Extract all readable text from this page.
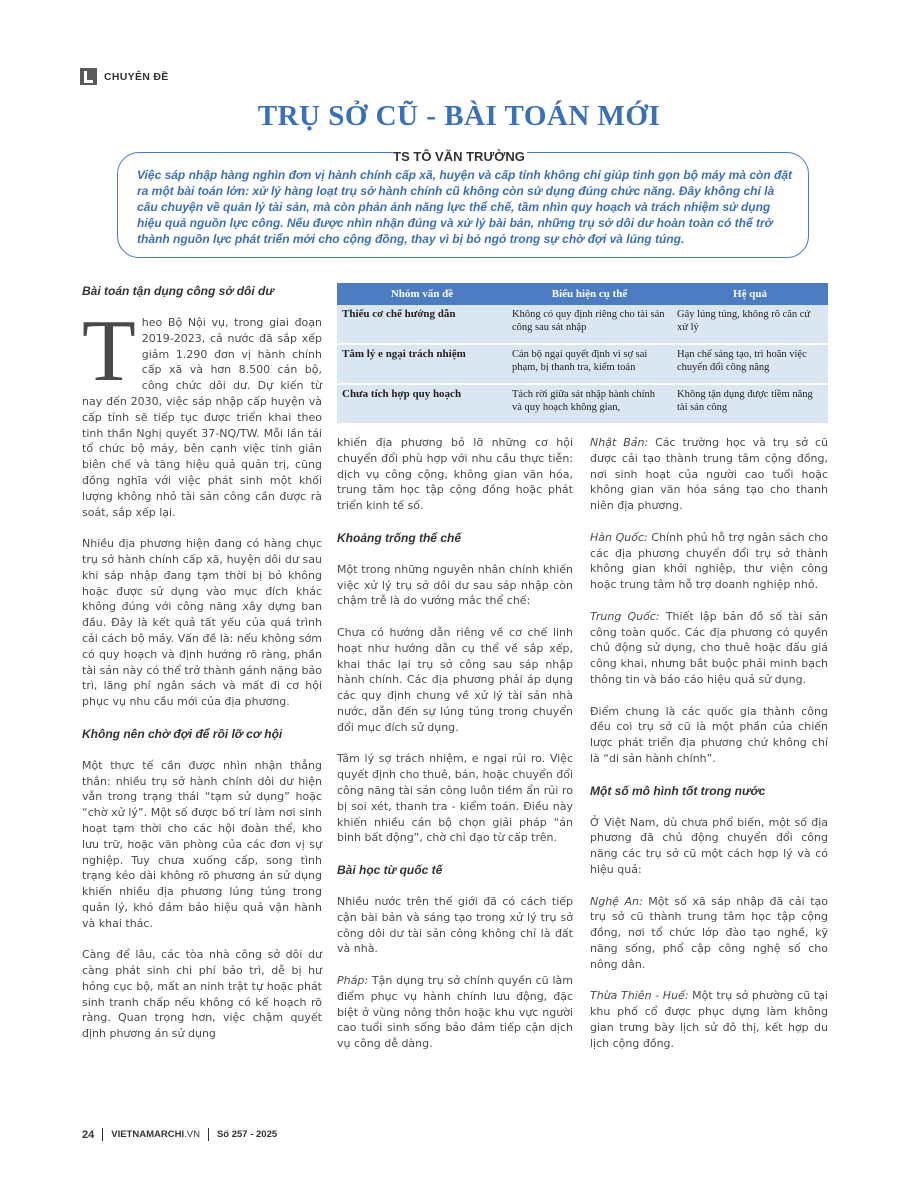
CHUYÊN ĐỀ
TRỤ SỞ CŨ - BÀI TOÁN MỚI
TS TÔ VĂN TRƯỜNG

Việc sáp nhập hàng nghìn đơn vị hành chính cấp xã, huyện và cấp tỉnh không chỉ giúp tinh gọn bộ máy mà còn đặt ra một bài toán lớn: xử lý hàng loạt trụ sở hành chính cũ không còn sử dụng đúng chức năng. Đây không chỉ là câu chuyện về quản lý tài sản, mà còn phản ánh năng lực thể chế, tầm nhìn quy hoạch và trách nhiệm sử dụng hiệu quả nguồn lực công. Nếu được nhìn nhận đúng và xử lý bài bản, những trụ sở dôi dư hoàn toàn có thể trở thành nguồn lực phát triển mới cho cộng đồng, thay vì bị bỏ ngỏ trong sự chờ đợi và lúng túng.

Bài toán tận dụng công sở dôi dư

Theo Bộ Nội vụ, trong giai đoạn 2019-2023, cả nước đã sắp xếp giảm 1.290 đơn vị hành chính cấp xã và hơn 8.500 cán bộ, công chức dôi dư. Dự kiến từ nay đến 2030, việc sáp nhập cấp huyện và cấp tỉnh sẽ tiếp tục được triển khai theo tinh thần Nghị quyết 37-NQ/TW. Mỗi lần tái tổ chức bộ máy, bên cạnh việc tinh giản biên chế và tăng hiệu quả quản trị, cũng đồng nghĩa với việc phát sinh một khối lượng không nhỏ tài sản công cần được rà soát, sắp xếp lại.

Nhiều địa phương hiện đang có hàng chục trụ sở hành chính cấp xã, huyện dôi dư sau khi sáp nhập đang tạm thời bị bỏ không hoặc được sử dụng vào mục đích khác không đúng với công năng xây dựng ban đầu. Đây là kết quả tất yếu của quá trình cải cách bộ máy. Vấn đề là: nếu không sớm có quy hoạch và định hướng rõ ràng, phần tài sản này có thể trở thành gánh nặng bảo trì, lãng phí ngân sách và mất đi cơ hội phục vụ nhu cầu mới của địa phương.

Không nên chờ đợi để rồi lỡ cơ hội

Một thực tế cần được nhìn nhận thẳng thắn: nhiều trụ sở hành chính dôi dư hiện vẫn trong trạng thái “tạm sử dụng” hoặc “chờ xử lý”. Một số được bố trí làm nơi sinh hoạt tạm thời cho các hội đoàn thể, kho lưu trữ, hoặc văn phòng của các đơn vị sự nghiệp. Tuy chưa xuống cấp, song tình trạng kéo dài không rõ phương án sử dụng khiến nhiều địa phương lúng túng trong quản lý, khó đảm bảo hiệu quả vận hành và khai thác.

Càng để lâu, các tòa nhà công sở dôi dư càng phát sinh chi phí bảo trì, dễ bị hư hỏng cục bộ, mất an ninh trật tự hoặc phát sinh tranh chấp nếu không có kế hoạch rõ ràng. Quan trọng hơn, việc chậm quyết định phương án sử dụng

Nhóm vấn đề	Biểu hiện cụ thể	Hệ quả
Thiếu cơ chế hướng dẫn	Không có quy định riêng cho tài sản công sau sát nhập	Gây lúng túng, không rõ căn cứ xử lý
Tâm lý e ngại trách nhiệm	Cán bộ ngại quyết định vì sợ sai phạm, bị thanh tra, kiểm toán	Hạn chế sáng tạo, trì hoãn việc chuyển đổi công năng
Chưa tích hợp quy hoạch	Tách rời giữa sát nhập hành chính và quy hoạch không gian,	Không tận dụng được tiềm năng tài sản công

khiến địa phương bỏ lỡ những cơ hội chuyển đổi phù hợp với nhu cầu thực tiễn: dịch vụ công cộng, không gian văn hóa, trung tâm học tập cộng đồng hoặc phát triển kinh tế số.

Khoảng trống thể chế

Một trong những nguyên nhân chính khiến việc xử lý trụ sở dôi dư sau sáp nhập còn chậm trễ là do vướng mắc thể chế:

Chưa có hướng dẫn riêng về cơ chế linh hoạt như hướng dẫn cụ thể về sắp xếp, khai thác lại trụ sở công sau sáp nhập hành chính. Các địa phương phải áp dụng các quy định chung về xử lý tài sản nhà nước, dẫn đến sự lúng túng trong chuyển đổi mục đích sử dụng.

Tâm lý sợ trách nhiệm, e ngại rủi ro. Việc quyết định cho thuê, bán, hoặc chuyển đổi công năng tài sản công luôn tiềm ẩn rủi ro bị soi xét, thanh tra - kiểm toán. Điều này khiến nhiều cán bộ chọn giải pháp “án binh bất động”, chờ chỉ đạo từ cấp trên.

Bài học từ quốc tế

Nhiều nước trên thế giới đã có cách tiếp cận bài bản và sáng tạo trong xử lý trụ sở công dôi dư tài sản công không chỉ là đất và nhà.

Pháp: Tận dụng trụ sở chính quyền cũ làm điểm phục vụ hành chính lưu động, đặc biệt ở vùng nông thôn hoặc khu vực người cao tuổi sinh sống bảo đảm tiếp cận dịch vụ công dễ dàng.

Nhật Bản: Các trường học và trụ sở cũ được cải tạo thành trung tâm cộng đồng, nơi sinh hoạt của người cao tuổi hoặc không gian văn hóa sáng tạo cho thanh niên địa phương.

Hàn Quốc: Chính phủ hỗ trợ ngân sách cho các địa phương chuyển đổi trụ sở thành không gian khởi nghiệp, thư viện công hoặc trung tâm hỗ trợ doanh nghiệp nhỏ.

Trung Quốc: Thiết lập bản đồ số tài sản công toàn quốc. Các địa phương có quyền chủ động sử dụng, cho thuê hoặc đấu giá công khai, nhưng bắt buộc phải minh bạch thông tin và báo cáo hiệu quả sử dụng.

Điểm chung là các quốc gia thành công đều coi trụ sở cũ là một phần của chiến lược phát triển địa phương chứ không chỉ là “di sản hành chính”.

Một số mô hình tốt trong nước

Ở Việt Nam, dù chưa phổ biến, một số địa phương đã chủ động chuyển đổi công năng các trụ sở cũ một cách hợp lý và có hiệu quả:

Nghệ An: Một số xã sáp nhập đã cải tạo trụ sở cũ thành trung tâm học tập cộng đồng, nơi tổ chức lớp đào tạo nghề, kỹ năng sống, phổ cập công nghệ số cho nông dân.

Thừa Thiên - Huế: Một trụ sở phường cũ tại khu phố cổ được phục dựng làm không gian trưng bày lịch sử đô thị, kết hợp du lịch cộng đồng.

24 VIETNAMARCHI.VN Số 257 - 2025
